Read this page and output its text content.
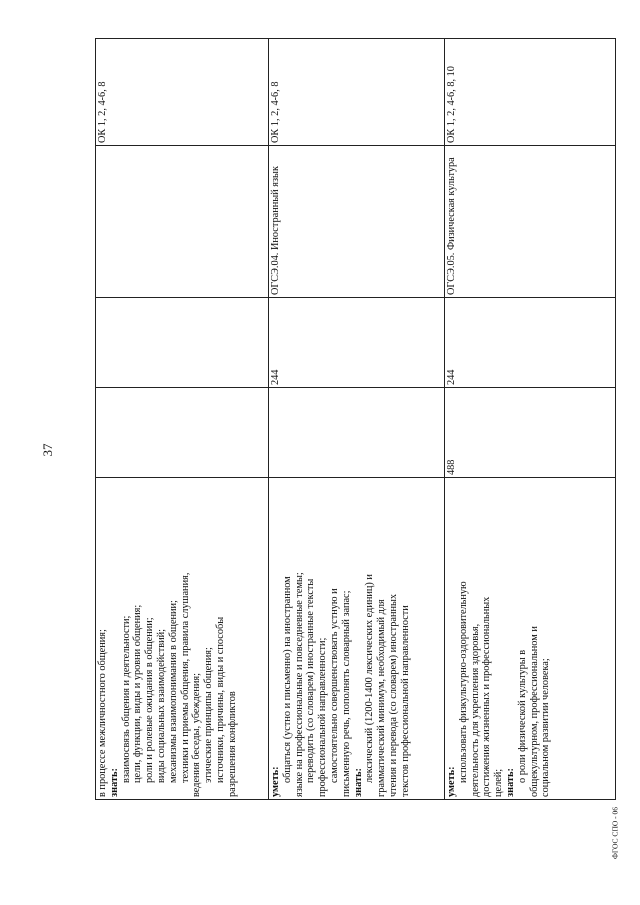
37
ФГОС СПО - 06
в процессе межличностного общения; знать: взаимосвязь общения и деятельности; цели, функции, виды и уровни общения; роли и ролевые ожидания в общении; виды социальных взаимодействий; механизмы взаимопонимания в общении; техники и приемы общения, правила слушания, ведения беседы, убеждения; этические принципы общения; источники, причины, виды и способы разрешения конфликтов
ОК 1, 2, 4-6, 8
уметь: общаться (устно и письменно) на иностранном языке на профессиональные и повседневные темы; переводить (со словарем) иностранные тексты профессиональной направленности; самостоятельно совершенствовать устную и письменную речь, пополнять словарный запас; знать: лексический (1200-1400 лексических единиц) и грамматический минимум, необходимый для чтения и перевода (со словарем) иностранных текстов профессиональной направленности
244
ОГСЭ.04. Иностранный язык
ОК 1, 2, 4-6, 8
уметь: использовать физкультурно-оздоровительную деятельность для укрепления здоровья, достижения жизненных и профессиональных целей; знать: о роли физической культуры в общекультурном, профессиональном и социальном развитии человека;
488
244
ОГСЭ.05. Физическая культура
ОК 1, 2, 4-6, 8, 10
